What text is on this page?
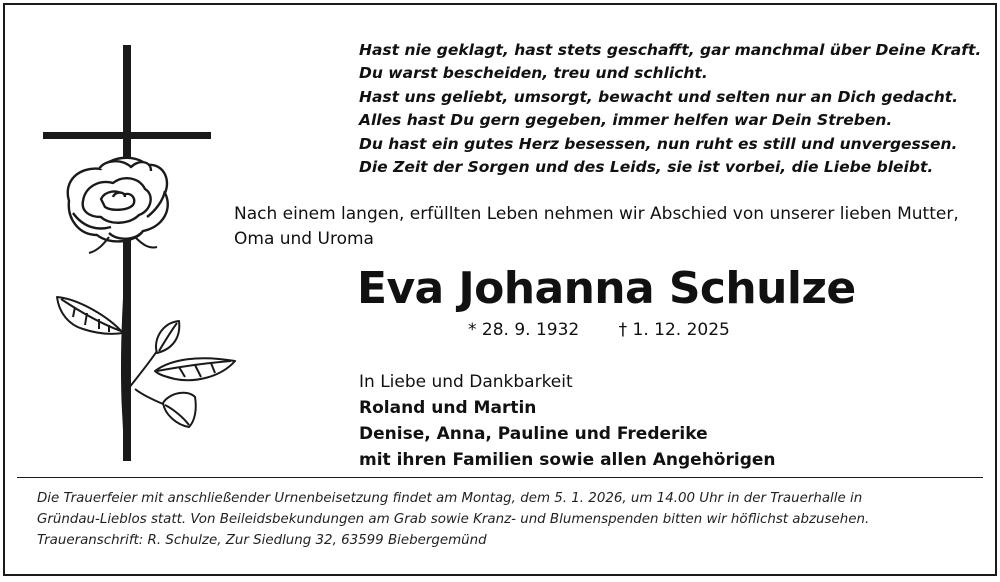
Hast nie geklagt, hast stets geschafft, gar manchmal über Deine Kraft.
Du warst bescheiden, treu und schlicht.
Hast uns geliebt, umsorgt, bewacht und selten nur an Dich gedacht.
Alles hast Du gern gegeben, immer helfen war Dein Streben.
Du hast ein gutes Herz besessen, nun ruht es still und unvergessen.
Die Zeit der Sorgen und des Leids, sie ist vorbei, die Liebe bleibt.

Nach einem langen, erfüllten Leben nehmen wir Abschied von unserer lieben Mutter, Oma und Uroma

Eva Johanna Schulze
* 28. 9. 1932 † 1. 12. 2025
In Liebe und Dankbarkeit
Roland und Martin
Denise, Anna, Pauline und Frederike
mit ihren Familien sowie allen Angehörigen

Die Trauerfeier mit anschließender Urnenbeisetzung findet am Montag, dem 5. 1. 2026, um 14.00 Uhr in der Trauerhalle in
Gründau-Lieblos statt. Von Beileidsbekundungen am Grab sowie Kranz- und Blumenspenden bitten wir höflichst abzusehen.
Traueranschrift: R. Schulze, Zur Siedlung 32, 63599 Biebergemünd
